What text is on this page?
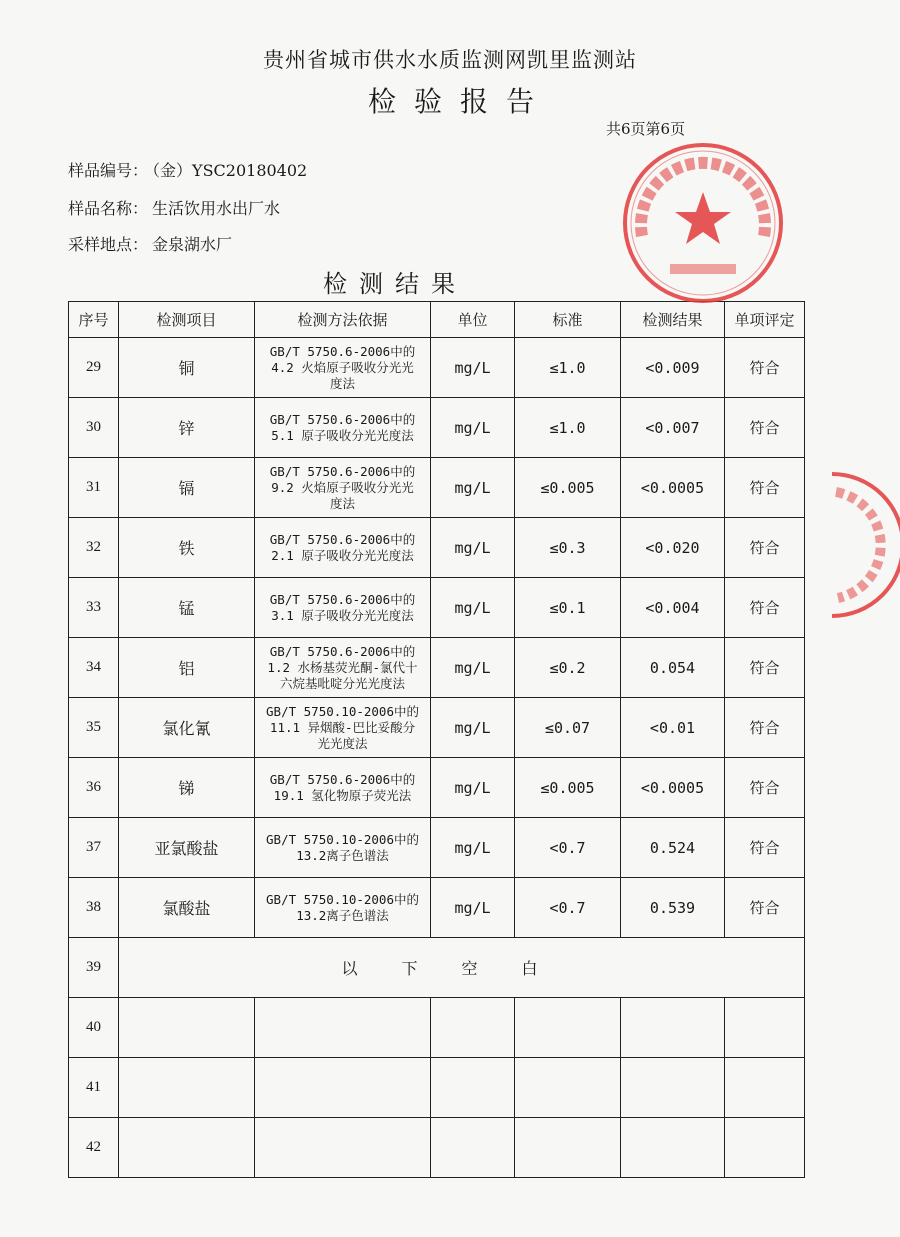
贵州省城市供水水质监测网凯里监测站
检验报告
共6页第6页
样品编号： （金）YSC20180402
样品名称： 生活饮用水出厂水
采样地点： 金泉湖水厂
检测结果
序号	检测项目	检测方法依据	单位	标准	检测结果	单项评定
29	铜	GB/T 5750.6-2006中的
4.2 火焰原子吸收分光光
度法	mg/L	≤1.0	<0.009	符合
30	锌	GB/T 5750.6-2006中的
5.1 原子吸收分光光度法	mg/L	≤1.0	<0.007	符合
31	镉	GB/T 5750.6-2006中的
9.2 火焰原子吸收分光光
度法	mg/L	≤0.005	<0.0005	符合
32	铁	GB/T 5750.6-2006中的
2.1 原子吸收分光光度法	mg/L	≤0.3	<0.020	符合
33	锰	GB/T 5750.6-2006中的
3.1 原子吸收分光光度法	mg/L	≤0.1	<0.004	符合
34	铝	GB/T 5750.6-2006中的
1.2 水杨基荧光酮-氯代十
六烷基吡啶分光光度法	mg/L	≤0.2	0.054	符合
35	氯化氰	GB/T 5750.10-2006中的
11.1 异烟酸-巴比妥酸分
光光度法	mg/L	≤0.07	<0.01	符合
36	锑	GB/T 5750.6-2006中的
19.1 氢化物原子荧光法	mg/L	≤0.005	<0.0005	符合
37	亚氯酸盐	GB/T 5750.10-2006中的
13.2离子色谱法	mg/L	<0.7	0.524	符合
38	氯酸盐	GB/T 5750.10-2006中的
13.2离子色谱法	mg/L	<0.7	0.539	符合
39	以下空白					
40						
41						
42						
